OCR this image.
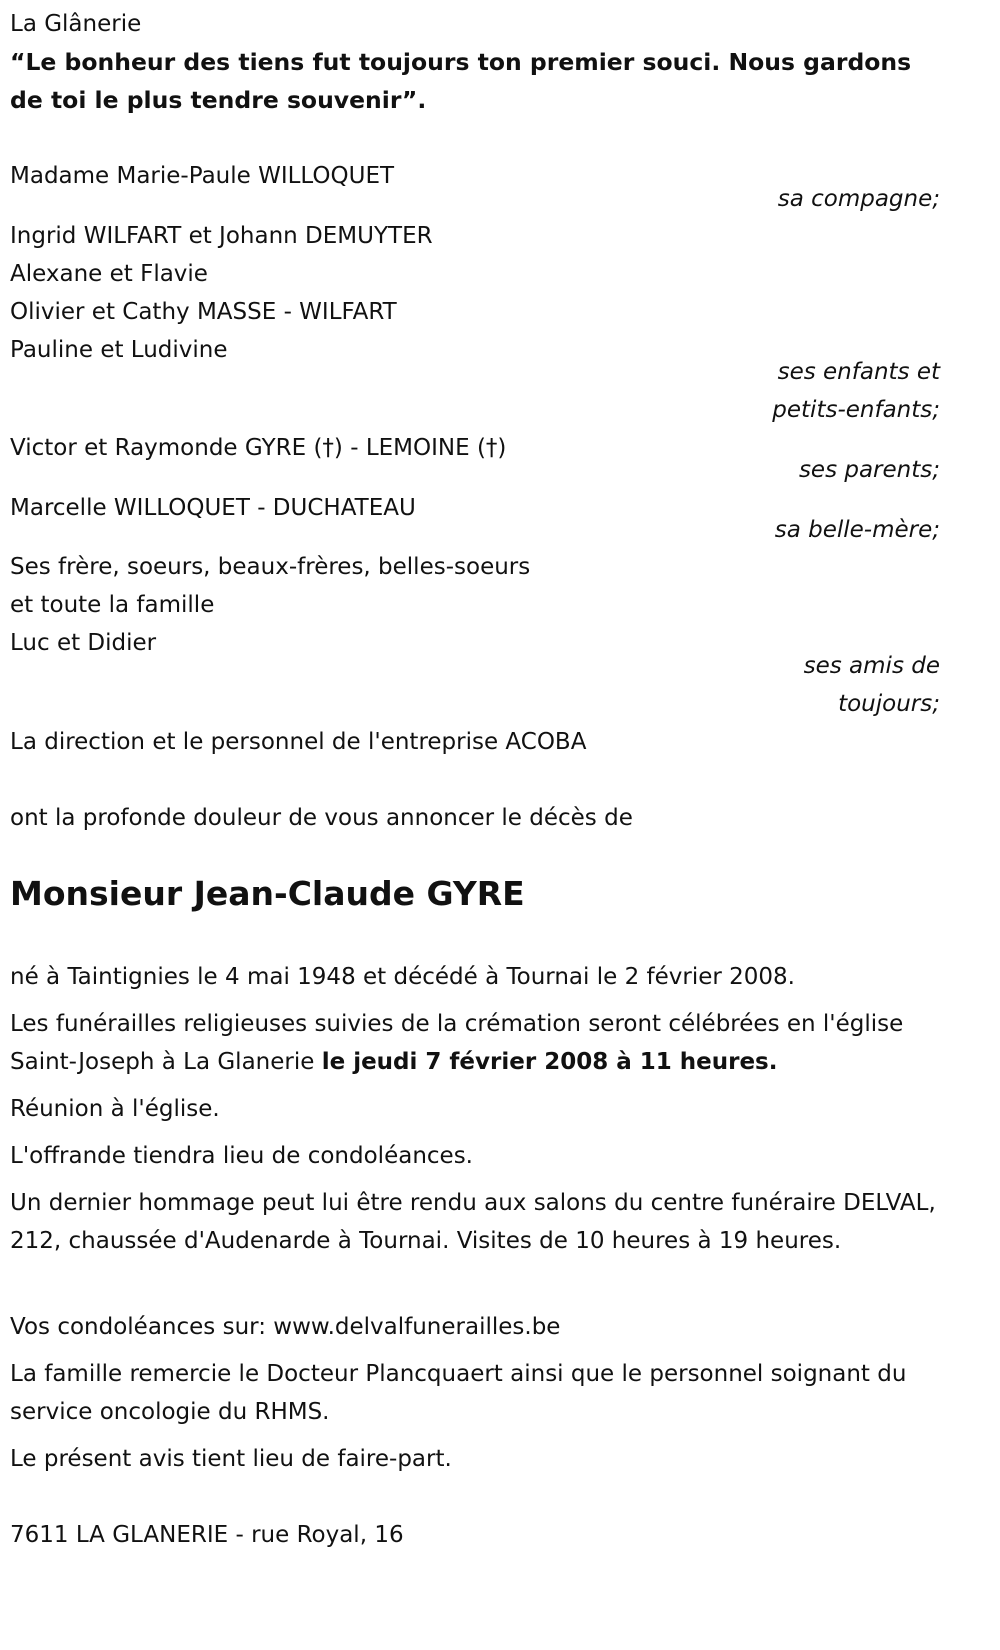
La Glânerie
“Le bonheur des tiens fut toujours ton premier souci. Nous gardons de toi le plus tendre souvenir”.
Madame Marie-Paule WILLOQUET
sa compagne;
Ingrid WILFART et Johann DEMUYTER
Alexane et Flavie
Olivier et Cathy MASSE - WILFART
Pauline et Ludivine
ses enfants et
petits-enfants;
Victor et Raymonde GYRE (†) - LEMOINE (†)
ses parents;
Marcelle WILLOQUET - DUCHATEAU
sa belle-mère;
Ses frère, soeurs, beaux-frères, belles-soeurs
et toute la famille
Luc et Didier
ses amis de
toujours;
La direction et le personnel de l'entreprise ACOBA
ont la profonde douleur de vous annoncer le décès de
Monsieur Jean-Claude GYRE
né à Taintignies le 4 mai 1948 et décédé à Tournai le 2 février 2008.
Les funérailles religieuses suivies de la crémation seront célébrées en l'église Saint-Joseph à La Glanerie le jeudi 7 février 2008 à 11 heures.
Réunion à l'église.
L'offrande tiendra lieu de condoléances.
Un dernier hommage peut lui être rendu aux salons du centre funéraire DELVAL, 212, chaussée d'Audenarde à Tournai. Visites de 10 heures à 19 heures.
Vos condoléances sur: www.delvalfunerailles.be
La famille remercie le Docteur Plancquaert ainsi que le personnel soignant du service oncologie du RHMS.
Le présent avis tient lieu de faire-part.
7611 LA GLANERIE - rue Royal, 16
